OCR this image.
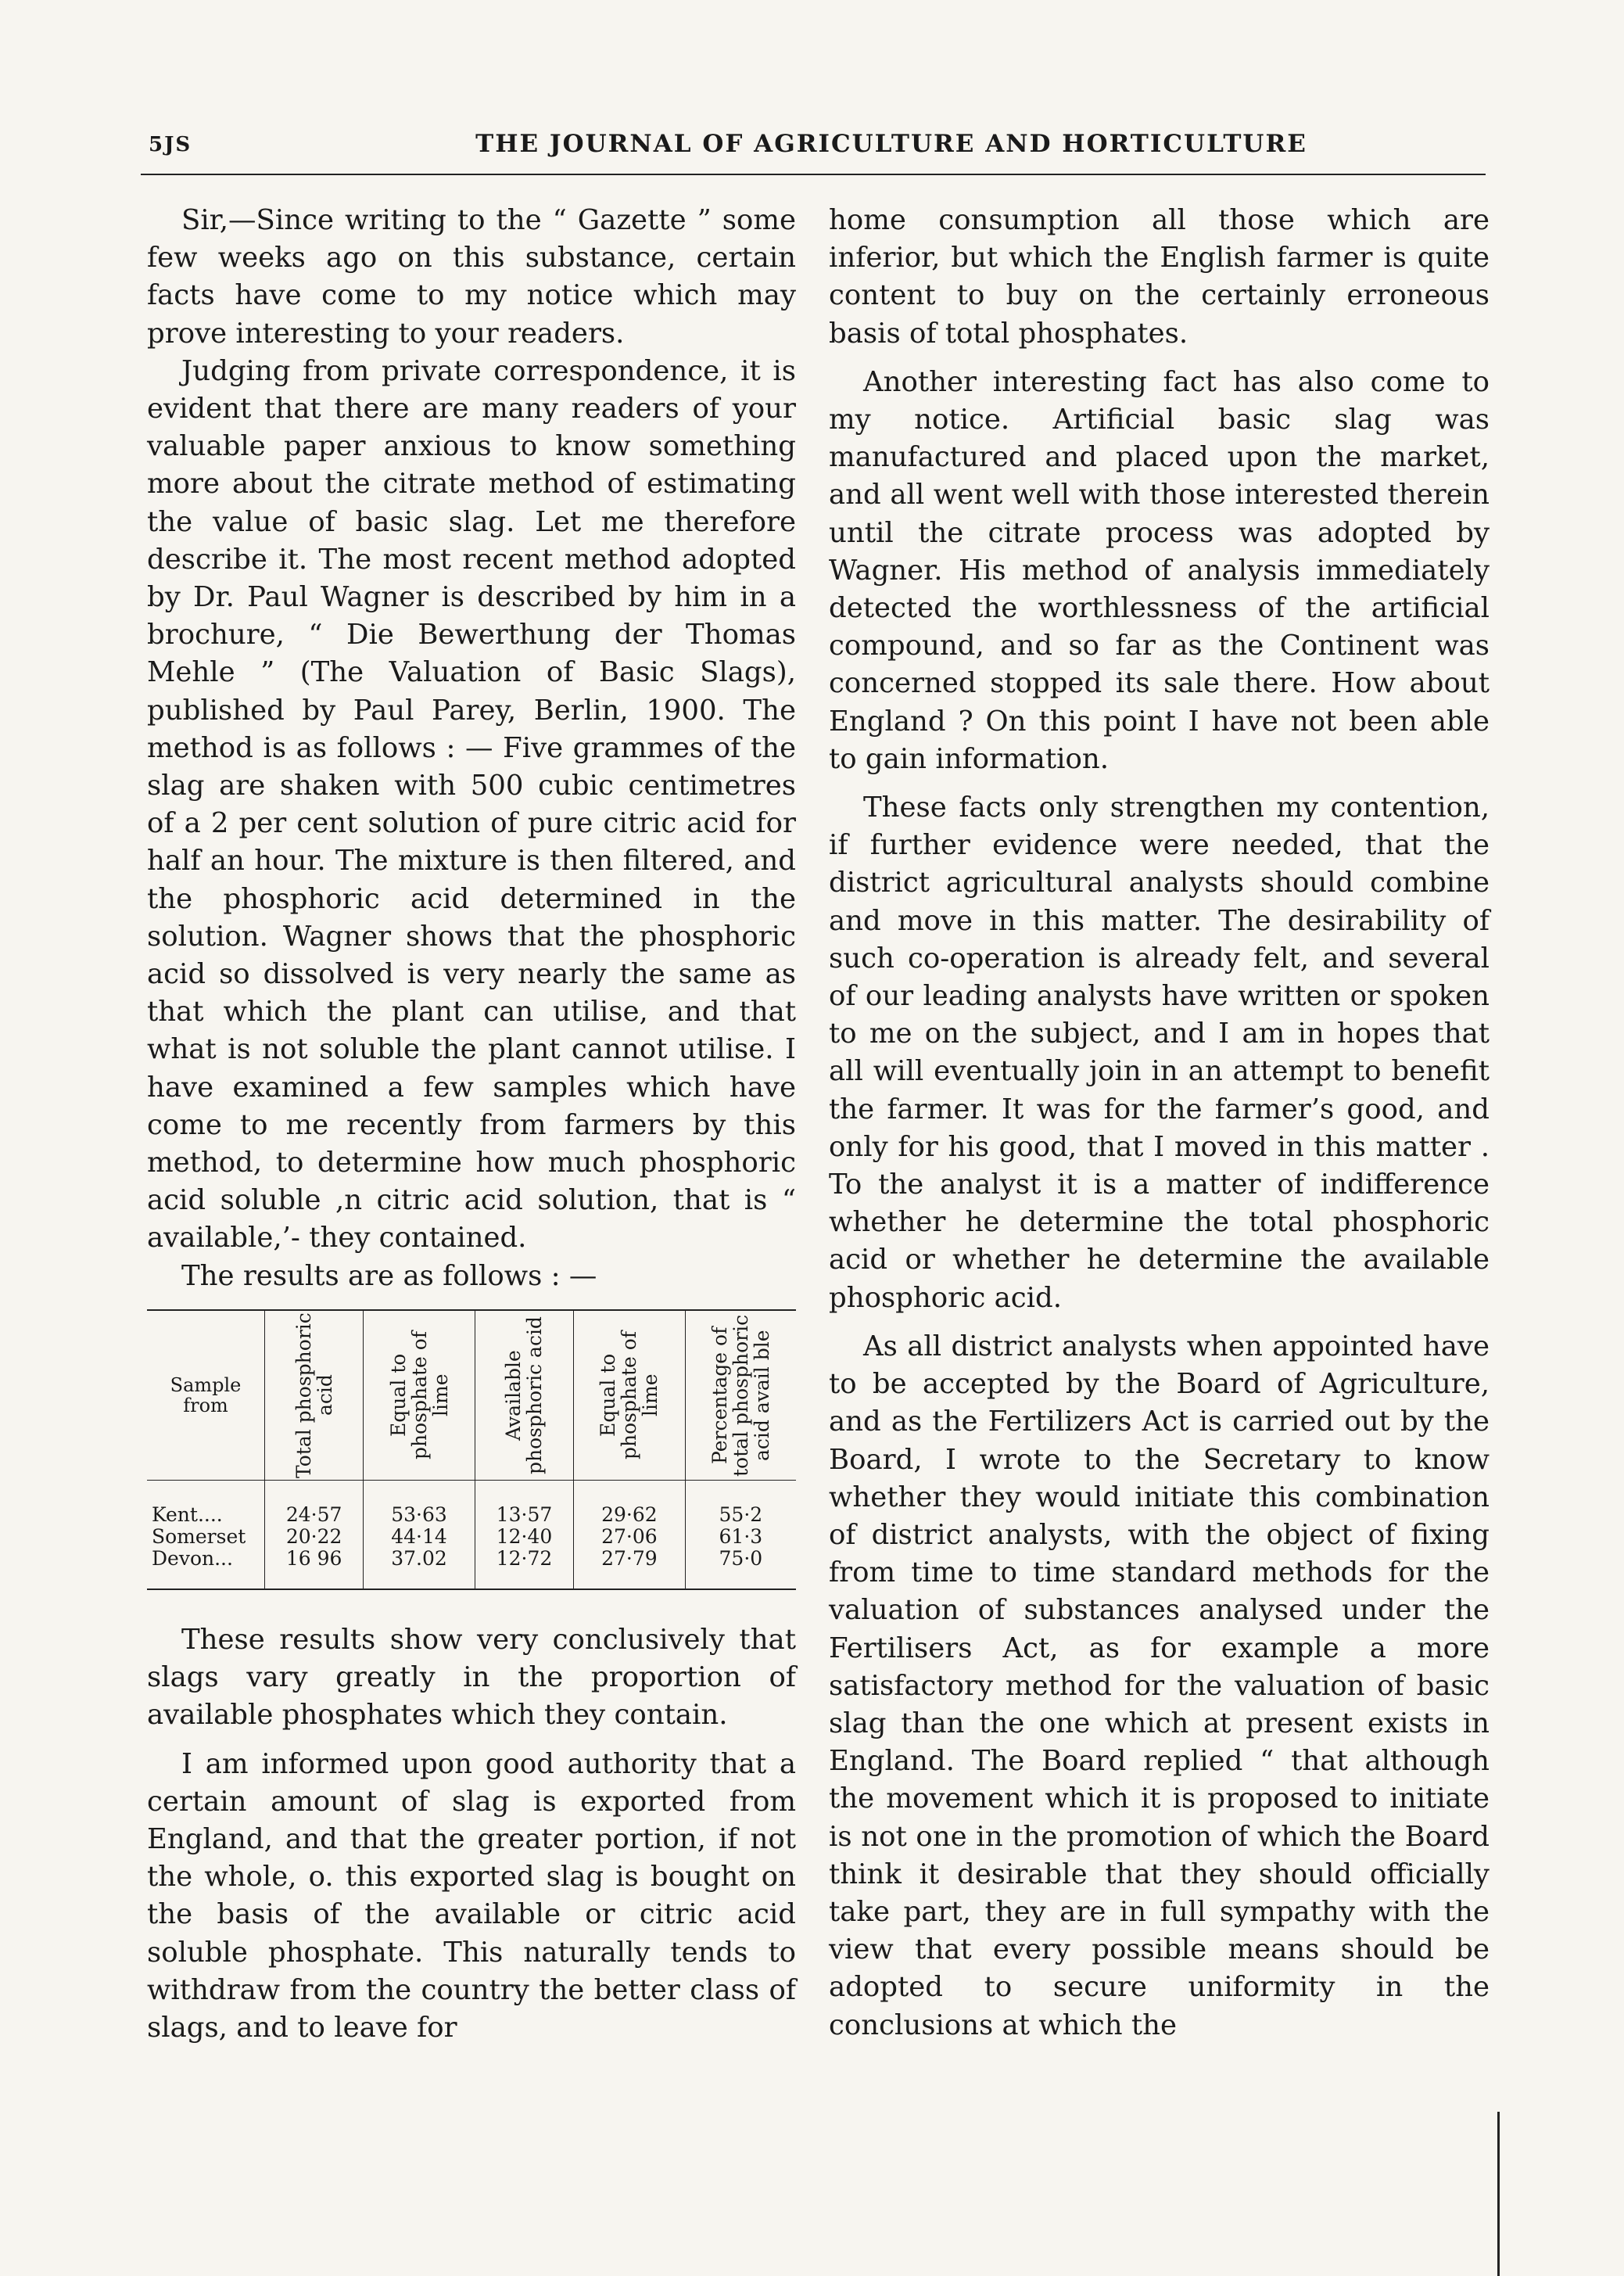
5JS	THE JOURNAL OF AGRICULTURE AND HORTICULTURE

Sir,—Since writing to the “ Gazette ” some few weeks ago on this substance, certain facts have come to my notice which may prove interesting to your readers.

Judging from private correspondence, it is evident that there are many readers of your valuable paper anxious to know something more about the citrate method of estimating the value of basic slag. Let me therefore describe it. The most recent method adopted by Dr. Paul Wagner is described by him in a brochure, “ Die Bewerthung der Thomas Mehle ” (The Valuation of Basic Slags), published by Paul Parey, Berlin, 1900. The method is as follows : — Five grammes of the slag are shaken with 500 cubic centimetres of a 2 per cent solution of pure citric acid for half an hour. The mixture is then filtered, and the phosphoric acid determined in the solution. Wagner shows that the phosphoric acid so dissolved is very nearly the same as that which the plant can utilise, and that what is not soluble the plant cannot utilise. I have examined a few samples which have come to me recently from farmers by this method, to determine how much phosphoric acid soluble ,n citric acid solution, that is “ available,’- they contained.

The results are as follows : —

Sample from	Total phosphoric acid	Equal to phosphate of lime	Available phosphoric acid	Equal to phosphate of lime	Percentage of total phosphoric acid avail ble

Kent....	24·57	53·63	13·57	29·62	55·2
Somerset	20·22	44·14	12·40	27·06	61·3
Devon...	16 96	37.02	12·72	27·79	75·0

These results show very conclusively that slags vary greatly in the proportion of available phosphates which they contain.

I am informed upon good authority that a certain amount of slag is exported from England, and that the greater portion, if not the whole, o. this exported slag is bought on the basis of the available or citric acid soluble phosphate. This naturally tends to withdraw from the country the better class of slags, and to leave for

home consumption all those which are inferior, but which the English farmer is quite content to buy on the certainly erroneous basis of total phosphates.

Another interesting fact has also come to my notice. Artificial basic slag was manufactured and placed upon the market, and all went well with those interested therein until the citrate process was adopted by Wagner. His method of analysis immediately detected the worthlessness of the artificial compound, and so far as the Continent was concerned stopped its sale there. How about England ? On this point I have not been able to gain information.

These facts only strengthen my contention, if further evidence were needed, that the district agricultural analysts should combine and move in this matter. The desirability of such co-operation is already felt, and several of our leading analysts have written or spoken to me on the subject, and I am in hopes that all will eventually join in an attempt to benefit the farmer. It was for the farmer’s good, and only for his good, that I moved in this matter . To the analyst it is a matter of indifference whether he determine the total phosphoric acid or whether he determine the available phosphoric acid.

As all district analysts when appointed have to be accepted by the Board of Agriculture, and as the Fertilizers Act is carried out by the Board, I wrote to the Secretary to know whether they would initiate this combination of district analysts, with the object of fixing from time to time standard methods for the valuation of substances analysed under the Fertilisers Act, as for example a more satisfactory method for the valuation of basic slag than the one which at present exists in England. The Board replied “ that although the movement which it is proposed to initiate is not one in the promotion of which the Board think it desirable that they should officially take part, they are in full sympathy with the view that every possible means should be adopted to secure uniformity in the conclusions at which the
